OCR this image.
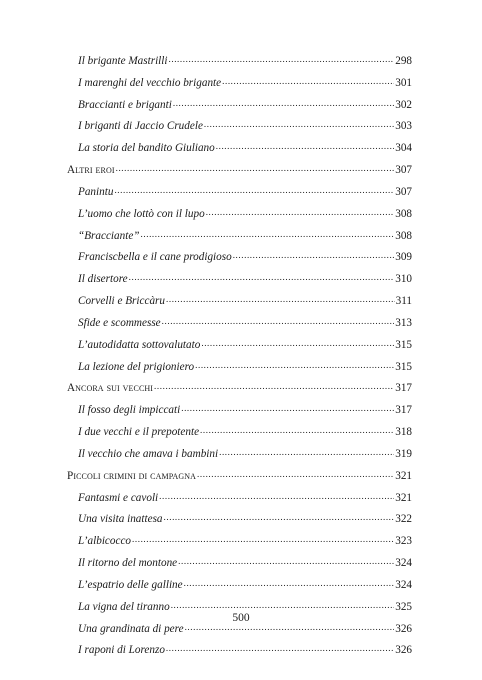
Il brigante Mastrilli .....	298
I marenghi del vecchio brigante .....	301
Braccianti e briganti .....	302
I briganti di Jaccio Crudele .....	303
La storia del bandito Giuliano .....	304
Altri eroi .....	307
Panintu .....	307
L’uomo che lottò con il lupo .....	308
“Bracciante” .....	308
Franciscbella e il cane prodigioso .....	309
Il disertore .....	310
Corvelli e Briccàru .....	311
Sfide e scommesse .....	313
L’autodidatta sottovalutato .....	315
La lezione del prigioniero .....	315
Ancora sui vecchi .....	317
Il fosso degli impiccati .....	317
I due vecchi e il prepotente .....	318
Il vecchio che amava i bambini .....	319
Piccoli crimini di campagna .....	321
Fantasmi e cavoli .....	321
Una visita inattesa .....	322
L’albicocco .....	323
Il ritorno del montone .....	324
L’espatrio delle galline .....	324
La vigna del tiranno .....	325
Una grandinata di pere .....	326
I raponi di Lorenzo .....	326
500
